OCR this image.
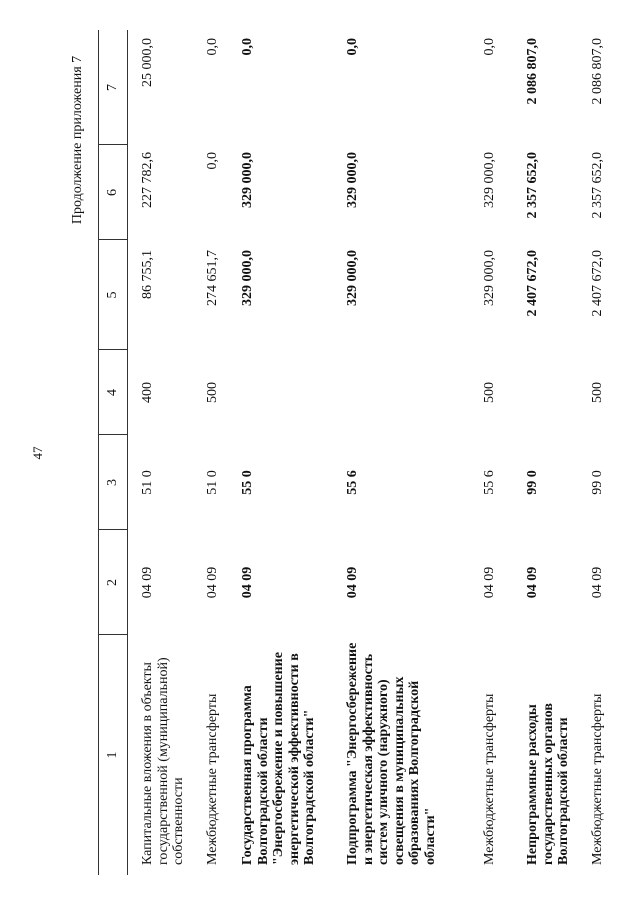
47
Продолжение приложения 7
1
2
3
4
5
6
7
Капитальные вложения в объекты государственной (муниципальной) собственности
04 09
51 0
400
86 755,1
227 782,6
25 000,0
Межбюджетные трансферты
04 09
51 0
500
274 651,7
0,0
0,0
Государственная программа Волгоградской области "Энергосбережение и повышение энергетической эффективности в Волгоградской области"
04 09
55 0
329 000,0
329 000,0
0,0
Подпрограмма "Энергосбережение и энергетическая эффективность систем уличного (наружного) освещения в муниципальных образованиях Волгоградской области"
04 09
55 6
329 000,0
329 000,0
0,0
Межбюджетные трансферты
04 09
55 6
500
329 000,0
329 000,0
0,0
Непрограммные расходы государственных органов Волгоградской области
04 09
99 0
2 407 672,0
2 357 652,0
2 086 807,0
Межбюджетные трансферты
04 09
99 0
500
2 407 672,0
2 357 652,0
2 086 807,0
